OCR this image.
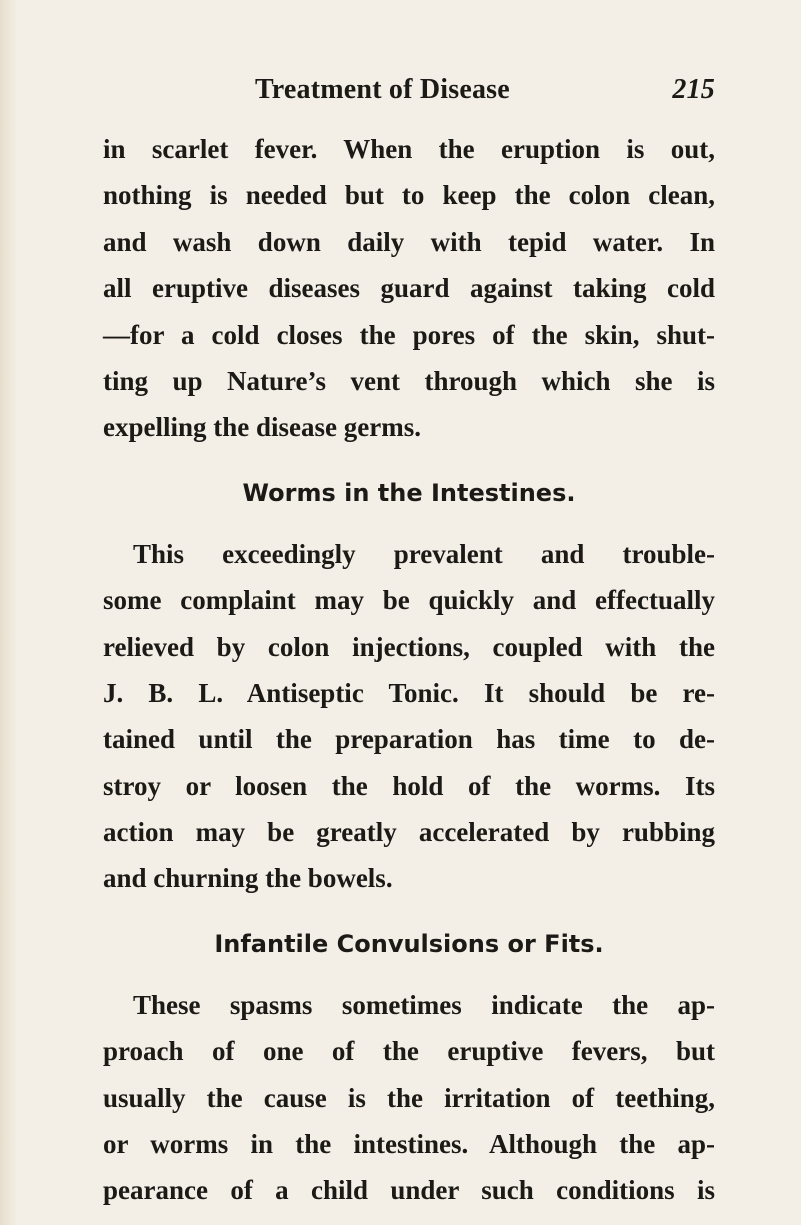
Treatment of Disease	215
in scarlet fever. When the eruption is out,
nothing is needed but to keep the colon clean,
and wash down daily with tepid water. In
all eruptive diseases guard against taking cold
—for a cold closes the pores of the skin, shut-
ting up Nature’s vent through which she is
expelling the disease germs.
Worms in the Intestines.
This exceedingly prevalent and trouble-
some complaint may be quickly and effectually
relieved by colon injections, coupled with the
J. B. L. Antiseptic Tonic. It should be re-
tained until the preparation has time to de-
stroy or loosen the hold of the worms. Its
action may be greatly accelerated by rubbing
and churning the bowels.
Infantile Convulsions or Fits.
These spasms sometimes indicate the ap-
proach of one of the eruptive fevers, but
usually the cause is the irritation of teething,
or worms in the intestines. Although the ap-
pearance of a child under such conditions is
